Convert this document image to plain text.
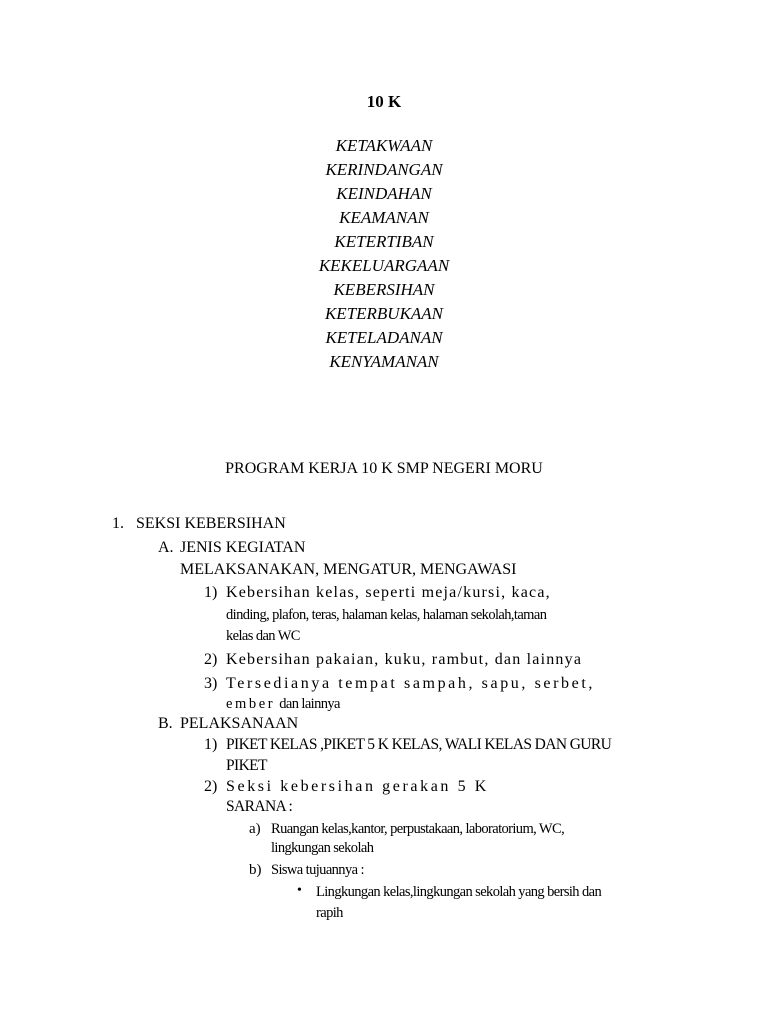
10 K
KETAKWAAN
KERINDANGAN
KEINDAHAN
KEAMANAN
KETERTIBAN
KEKELUARGAAN
KEBERSIHAN
KETERBUKAAN
KETELADANAN
KENYAMANAN
PROGRAM KERJA 10 K SMP NEGERI MORU
1. SEKSI KEBERSIHAN
A. JENIS KEGIATAN
MELAKSANAKAN, MENGATUR, MENGAWASI
1) Kebersihan kelas, seperti meja/kursi, kaca,
dinding, plafon, teras, halaman kelas, halaman sekolah,taman
kelas dan WC
2) Kebersihan pakaian, kuku, rambut, dan lainnya
3) Tersedianya tempat sampah, sapu, serbet,
ember dan lainnya
B. PELAKSANAAN
1) PIKET KELAS ,PIKET 5 K KELAS, WALI KELAS DAN GURU
PIKET
2) Seksi kebersihan gerakan 5 K
SARANA :
a) Ruangan kelas,kantor, perpustakaan, laboratorium, WC,
lingkungan sekolah
b) Siswa tujuannya :
• Lingkungan kelas,lingkungan sekolah yang bersih dan
rapih
